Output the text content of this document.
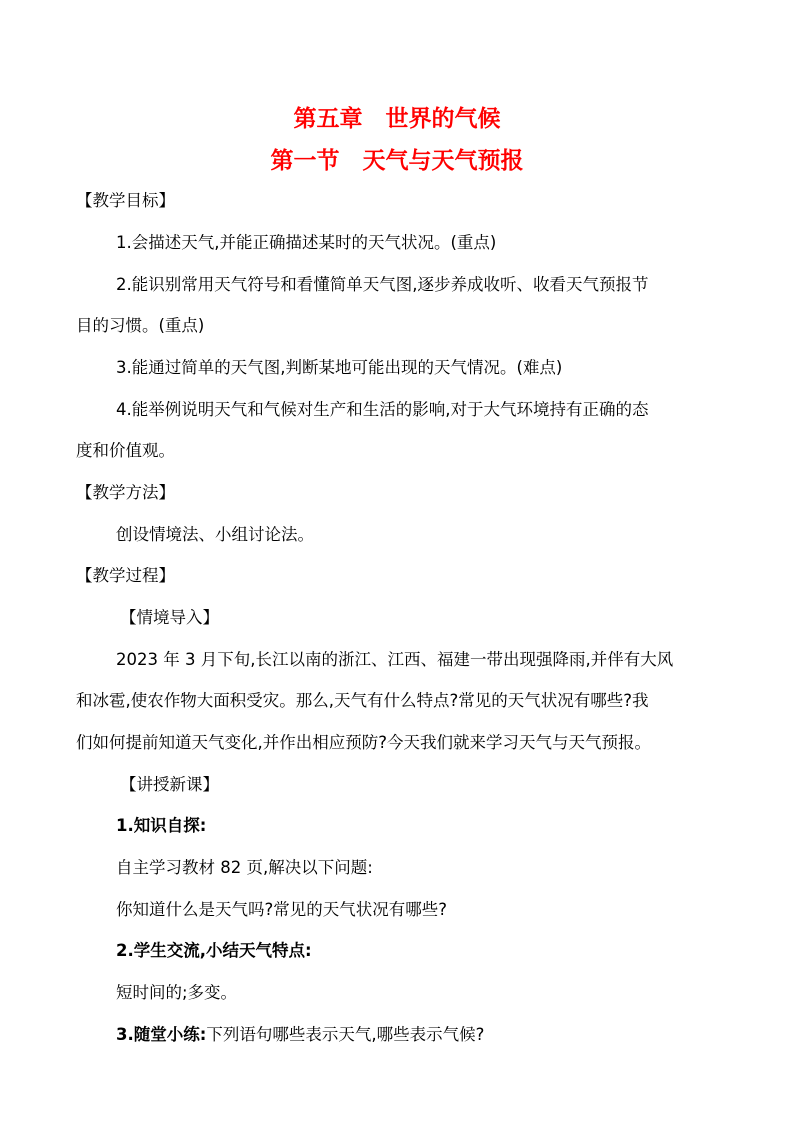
第五章　世界的气候
第一节　天气与天气预报
【教学目标】
1.会描述天气,并能正确描述某时的天气状况。(重点)
2.能识别常用天气符号和看懂简单天气图,逐步养成收听、收看天气预报节
目的习惯。(重点)
3.能通过简单的天气图,判断某地可能出现的天气情况。(难点)
4.能举例说明天气和气候对生产和生活的影响,对于大气环境持有正确的态
度和价值观。
【教学方法】
创设情境法、小组讨论法。
【教学过程】
【情境导入】
2023 年 3 月下旬,长江以南的浙江、江西、福建一带出现强降雨,并伴有大风
和冰雹,使农作物大面积受灾。那么,天气有什么特点?常见的天气状况有哪些?我
们如何提前知道天气变化,并作出相应预防?今天我们就来学习天气与天气预报。
【讲授新课】
1.知识自探:
自主学习教材 82 页,解决以下问题:
你知道什么是天气吗?常见的天气状况有哪些?
2.学生交流,小结天气特点:
短时间的;多变。
3.随堂小练:下列语句哪些表示天气,哪些表示气候?
